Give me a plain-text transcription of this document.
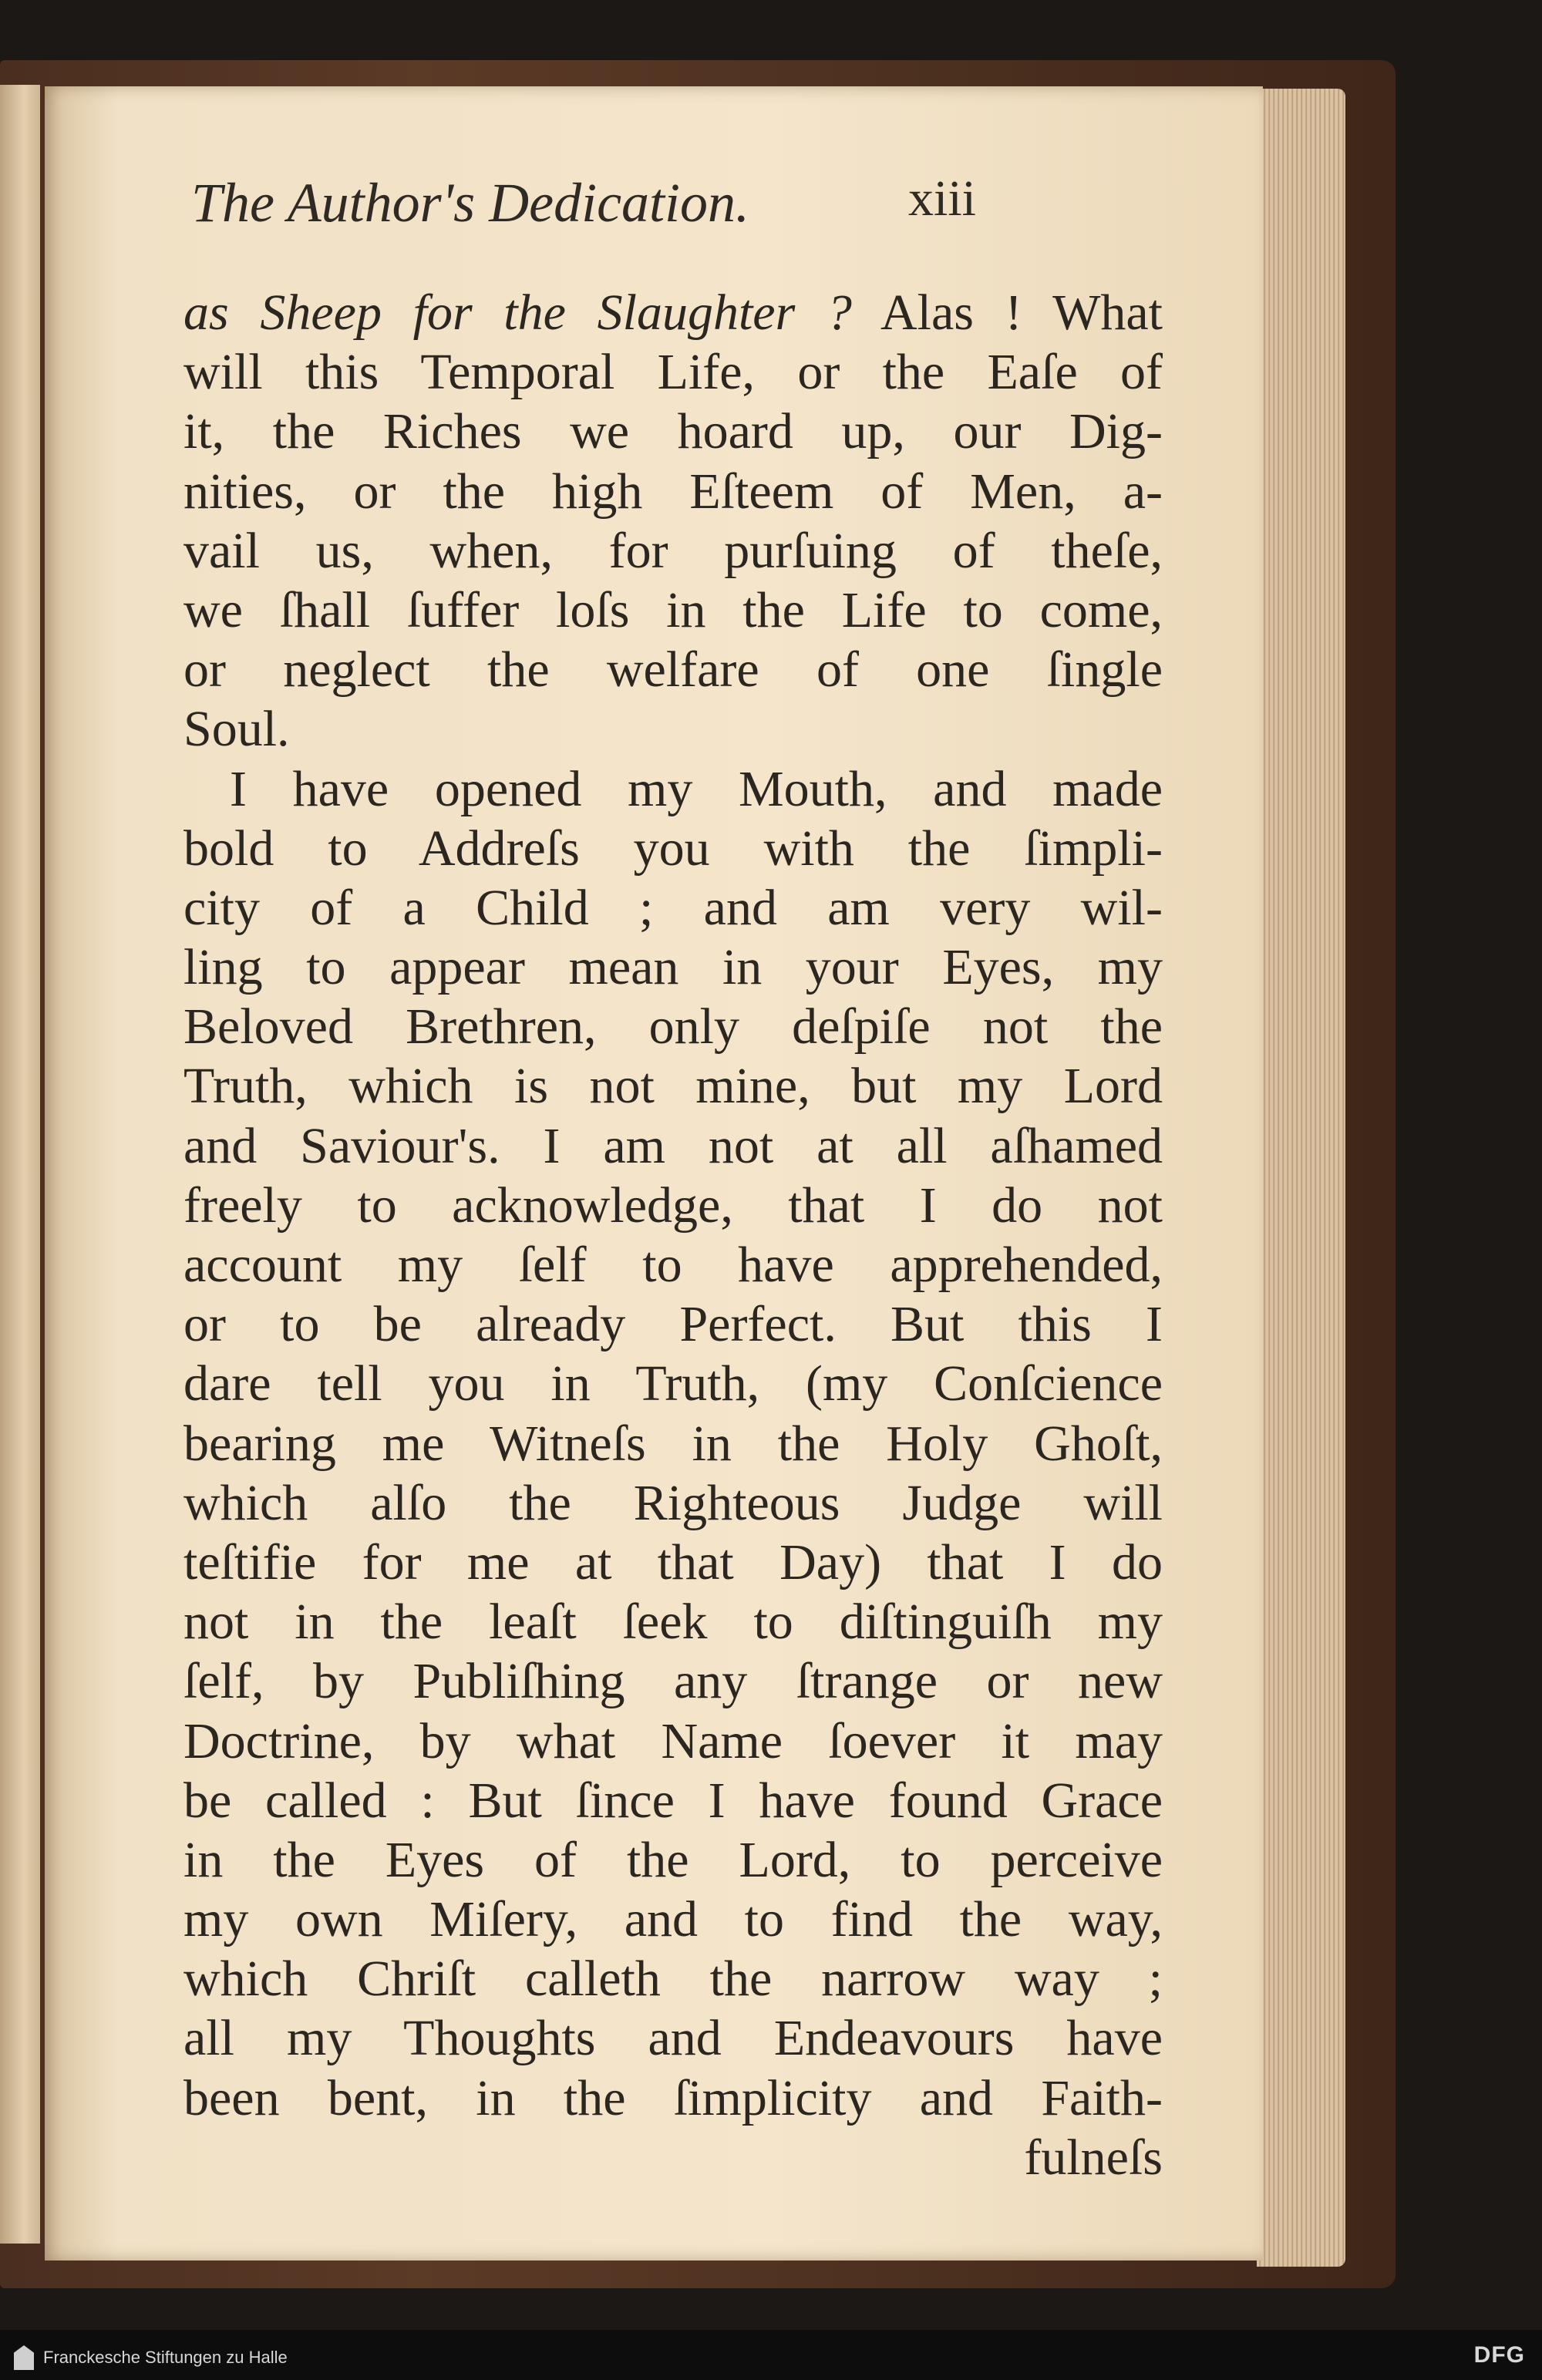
The Author's Dedication.	xiii
as Sheep for the Slaughter ? Alas ! What
will this Temporal Life, or the Eaſe of
it, the Riches we hoard up, our Dig-
nities, or the high Eſteem of Men, a-
vail us, when, for purſuing of theſe,
we ſhall ſuffer loſs in the Life to come,
or neglect the welfare of one ſingle
Soul.
I have opened my Mouth, and made
bold to Addreſs you with the ſimpli-
city of a Child ; and am very wil-
ling to appear mean in your Eyes, my
Beloved Brethren, only deſpiſe not the
Truth, which is not mine, but my Lord
and Saviour's. I am not at all aſhamed
freely to acknowledge, that I do not
account my ſelf to have apprehended,
or to be already Perfect. But this I
dare tell you in Truth, (my Conſcience
bearing me Witneſs in the Holy Ghoſt,
which alſo the Righteous Judge will
teſtifie for me at that Day) that I do
not in the leaſt ſeek to diſtinguiſh my
ſelf, by Publiſhing any ſtrange or new
Doctrine, by what Name ſoever it may
be called : But ſince I have found Grace
in the Eyes of the Lord, to perceive
my own Miſery, and to find the way,
which Chriſt calleth the narrow way ;
all my Thoughts and Endeavours have
been bent, in the ſimplicity and Faith-
fulneſs
Franckesche Stiftungen zu Halle	DFG
